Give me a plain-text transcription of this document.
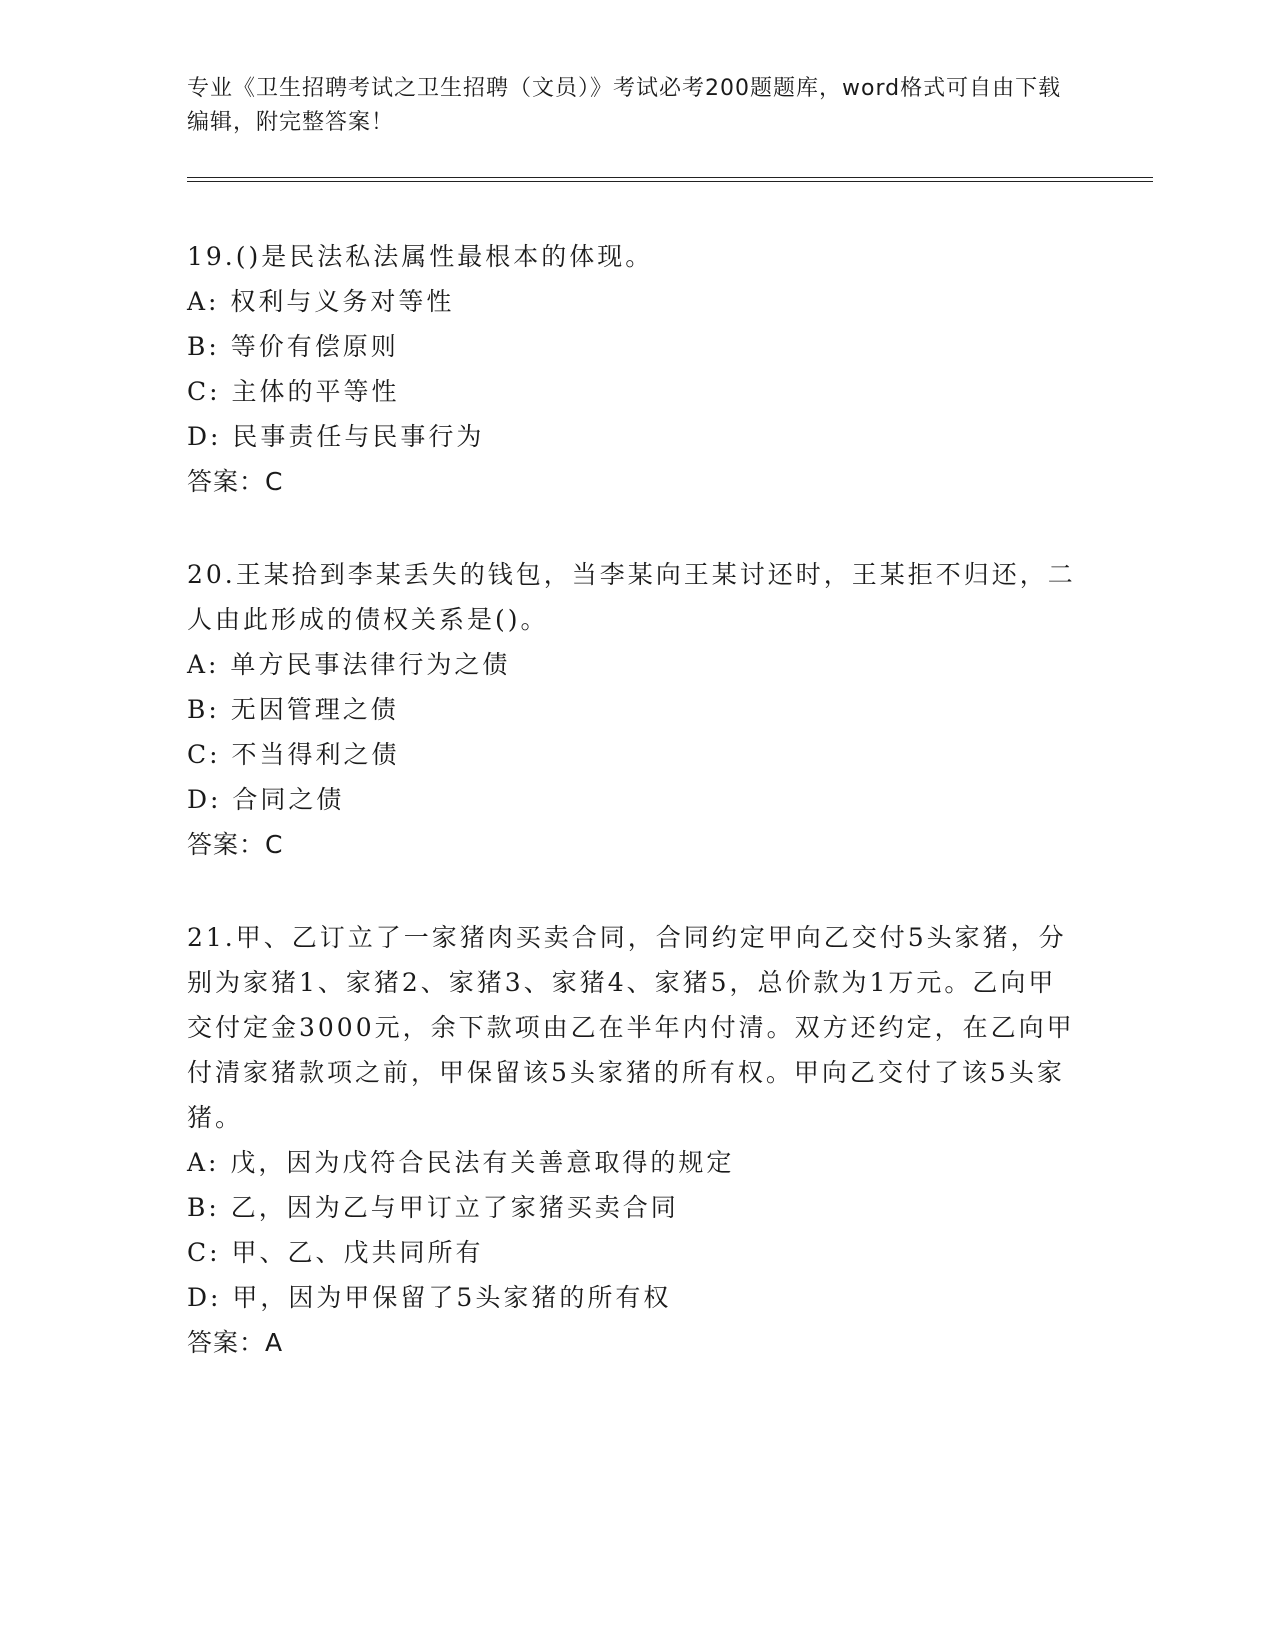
专业《卫生招聘考试之卫生招聘（文员）》考试必考200题题库，word格式可自由下载编辑，附完整答案！
19.()是民法私法属性最根本的体现。
A: 权利与义务对等性
B: 等价有偿原则
C: 主体的平等性
D: 民事责任与民事行为
答案：C
20.王某拾到李某丢失的钱包，当李某向王某讨还时，王某拒不归还，二人由此形成的债权关系是()。
A: 单方民事法律行为之债
B: 无因管理之债
C: 不当得利之债
D: 合同之债
答案：C
21.甲、乙订立了一家猪肉买卖合同，合同约定甲向乙交付5头家猪，分别为家猪1、家猪2、家猪3、家猪4、家猪5，总价款为1万元。乙向甲交付定金3000元，余下款项由乙在半年内付清。双方还约定，在乙向甲付清家猪款项之前，甲保留该5头家猪的所有权。甲向乙交付了该5头家猪。
A: 戊，因为戊符合民法有关善意取得的规定
B: 乙，因为乙与甲订立了家猪买卖合同
C: 甲、乙、戊共同所有
D: 甲，因为甲保留了5头家猪的所有权
答案：A
